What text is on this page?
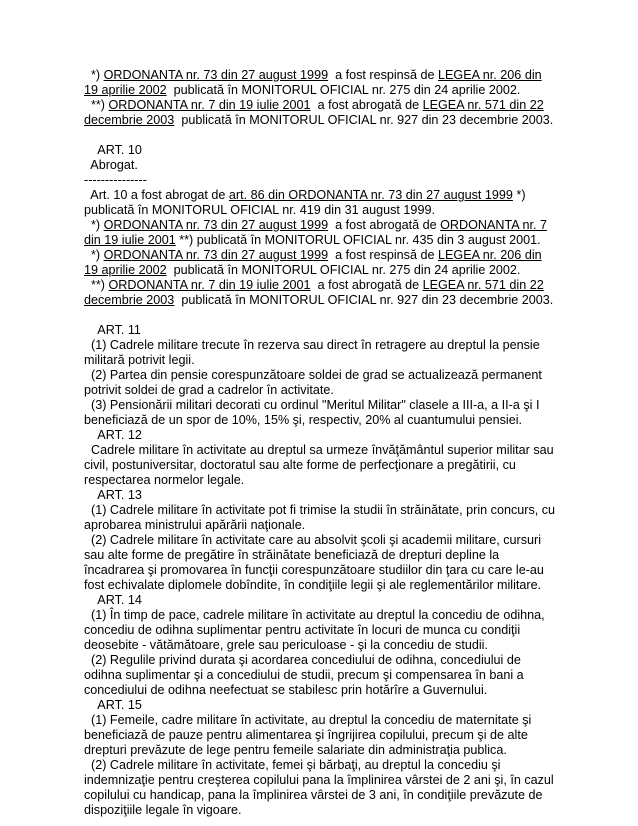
*) ORDONANTA nr. 73 din 27 august 1999  a fost respinsă de LEGEA nr. 206 din
19 aprilie 2002  publicată în MONITORUL OFICIAL nr. 275 din 24 aprilie 2002.
**) ORDONANTA nr. 7 din 19 iulie 2001  a fost abrogată de LEGEA nr. 571 din 22
decembrie 2003  publicată în MONITORUL OFICIAL nr. 927 din 23 decembrie 2003.
ART. 10
Abrogat.
---------------
Art. 10 a fost abrogat de art. 86 din ORDONANTA nr. 73 din 27 august 1999 *)
publicată în MONITORUL OFICIAL nr. 419 din 31 august 1999.
*) ORDONANTA nr. 73 din 27 august 1999  a fost abrogată de ORDONANTA nr. 7
din 19 iulie 2001 **) publicată în MONITORUL OFICIAL nr. 435 din 3 august 2001.
*) ORDONANTA nr. 73 din 27 august 1999  a fost respinsă de LEGEA nr. 206 din
19 aprilie 2002  publicată în MONITORUL OFICIAL nr. 275 din 24 aprilie 2002.
**) ORDONANTA nr. 7 din 19 iulie 2001  a fost abrogată de LEGEA nr. 571 din 22
decembrie 2003  publicată în MONITORUL OFICIAL nr. 927 din 23 decembrie 2003.
ART. 11
(1) Cadrele militare trecute în rezerva sau direct în retragere au dreptul la pensie
militară potrivit legii.
(2) Partea din pensie corespunzătoare soldei de grad se actualizează permanent
potrivit soldei de grad a cadrelor în activitate.
(3) Pensionării militari decorati cu ordinul "Meritul Militar" clasele a III-a, a II-a şi I
beneficiază de un spor de 10%, 15% şi, respectiv, 20% al cuantumului pensiei.
ART. 12
Cadrele militare în activitate au dreptul sa urmeze învăţământul superior militar sau
civil, postuniversitar, doctoratul sau alte forme de perfecţionare a pregătirii, cu
respectarea normelor legale.
ART. 13
(1) Cadrele militare în activitate pot fi trimise la studii în străinătate, prin concurs, cu
aprobarea ministrului apărării naţionale.
(2) Cadrele militare în activitate care au absolvit şcoli şi academii militare, cursuri
sau alte forme de pregătire în străinătate beneficiază de drepturi depline la
încadrarea şi promovarea în funcţii corespunzătoare studiilor din ţara cu care le-au
fost echivalate diplomele dobîndite, în condiţiile legii şi ale reglementărilor militare.
ART. 14
(1) În timp de pace, cadrele militare în activitate au dreptul la concediu de odihna,
concediu de odihna suplimentar pentru activitate în locuri de munca cu condiţii
deosebite - vătămătoare, grele sau periculoase - şi la concediu de studii.
(2) Regulile privind durata şi acordarea concediului de odihna, concediului de
odihna suplimentar şi a concediului de studii, precum şi compensarea în bani a
concediului de odihna neefectuat se stabilesc prin hotărîre a Guvernului.
ART. 15
(1) Femeile, cadre militare în activitate, au dreptul la concediu de maternitate şi
beneficiază de pauze pentru alimentarea şi îngrijirea copilului, precum şi de alte
drepturi prevăzute de lege pentru femeile salariate din administraţia publica.
(2) Cadrele militare în activitate, femei şi bărbaţi, au dreptul la concediu şi
indemnizaţie pentru creşterea copilului pana la împlinirea vârstei de 2 ani şi, în cazul
copilului cu handicap, pana la împlinirea vârstei de 3 ani, în condiţiile prevăzute de
dispoziţiile legale în vigoare.
